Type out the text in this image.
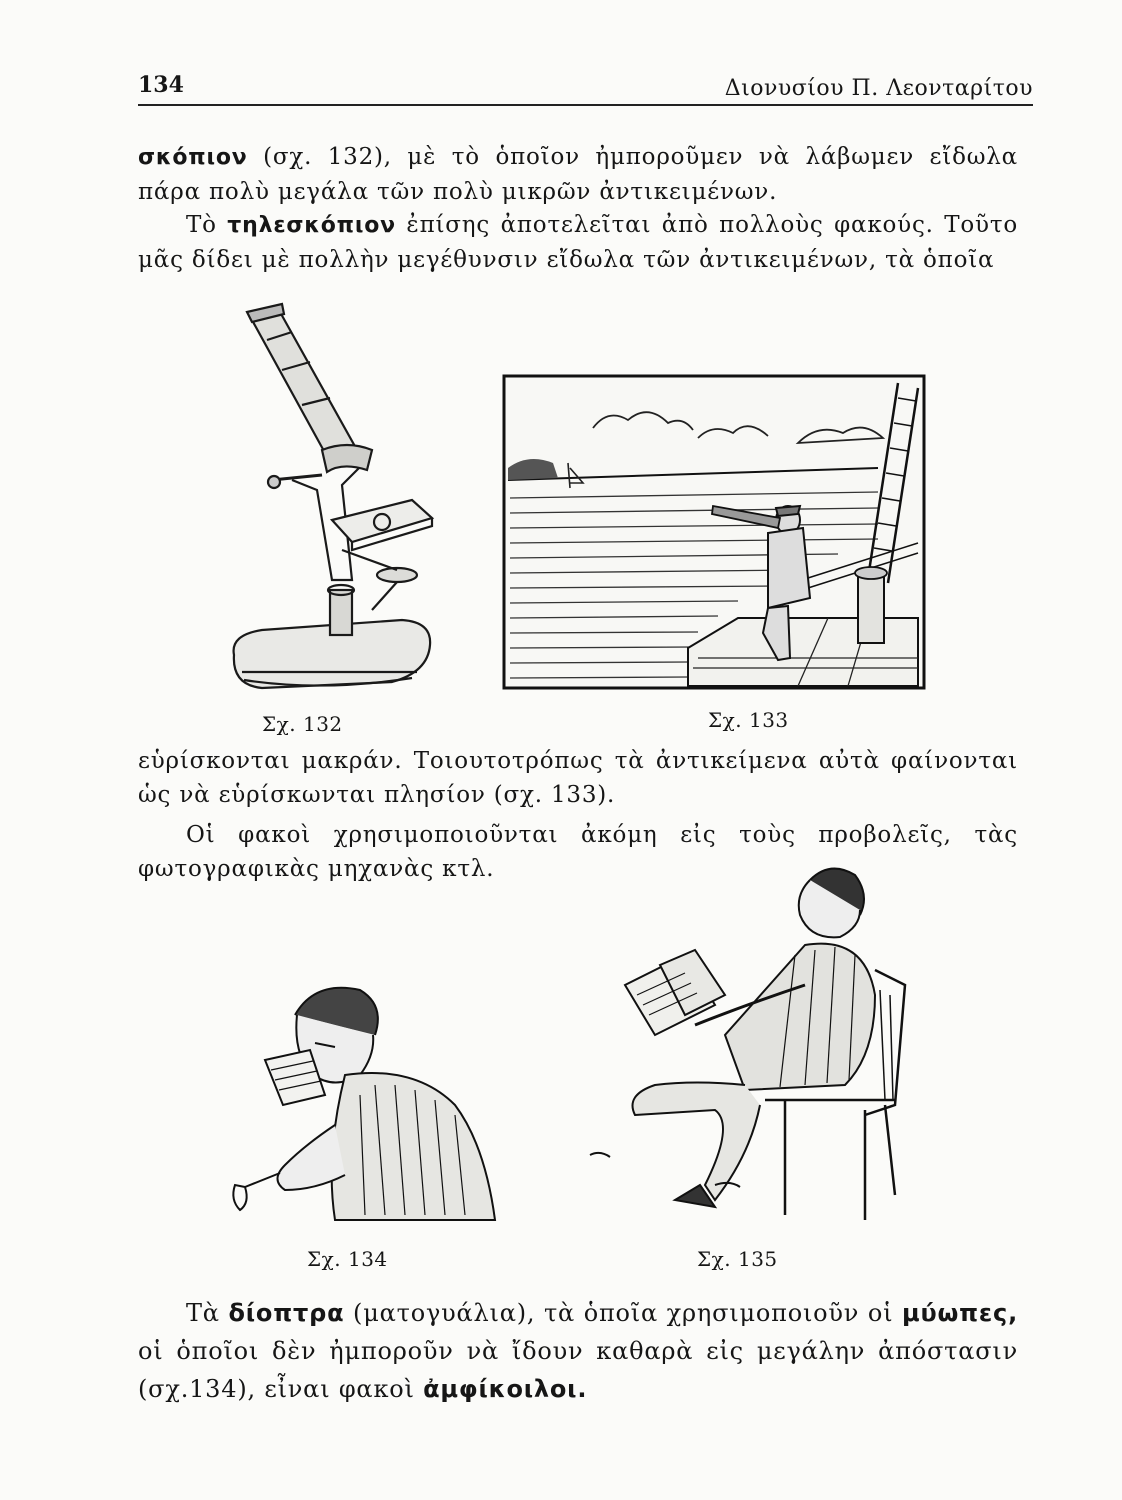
134	Διονυσίου Π. Λεονταρίτου

σκόπιον (σχ. 132), μὲ τὸ ὁποῖον ἠμποροῦμεν νὰ λάβωμεν εἴδωλα πάρα πολὺ μεγάλα τῶν πολὺ μικρῶν ἀντικειμένων.

Τὸ τηλεσκόπιον ἐπίσης ἀποτελεῖται ἀπὸ πολλοὺς φακούς. Τοῦτο μᾶς δίδει μὲ πολλὴν μεγέθυνσιν εἴδωλα τῶν ἀντικειμένων, τὰ ὁποῖα

Σχ. 132	Σχ. 133

εὑρίσκονται μακράν. Τοιουτοτρόπως τὰ ἀντικείμενα αὐτὰ φαίνονται ὡς νὰ εὑρίσκωνται πλησίον (σχ. 133).

Οἱ φακοὶ χρησιμοποιοῦνται ἀκόμη εἰς τοὺς προβολεῖς, τὰς φωτογραφικὰς μηχανὰς κτλ.

Σχ. 134	Σχ. 135

Τὰ δίοπτρα (ματογυάλια), τὰ ὁποῖα χρησιμοποιοῦν οἱ μύωπες, οἱ ὁποῖοι δὲν ἠμποροῦν νὰ ἴδουν καθαρὰ εἰς μεγάλην ἀπόστασιν (σχ.134), εἶναι φακοὶ ἀμφίκοιλοι.
